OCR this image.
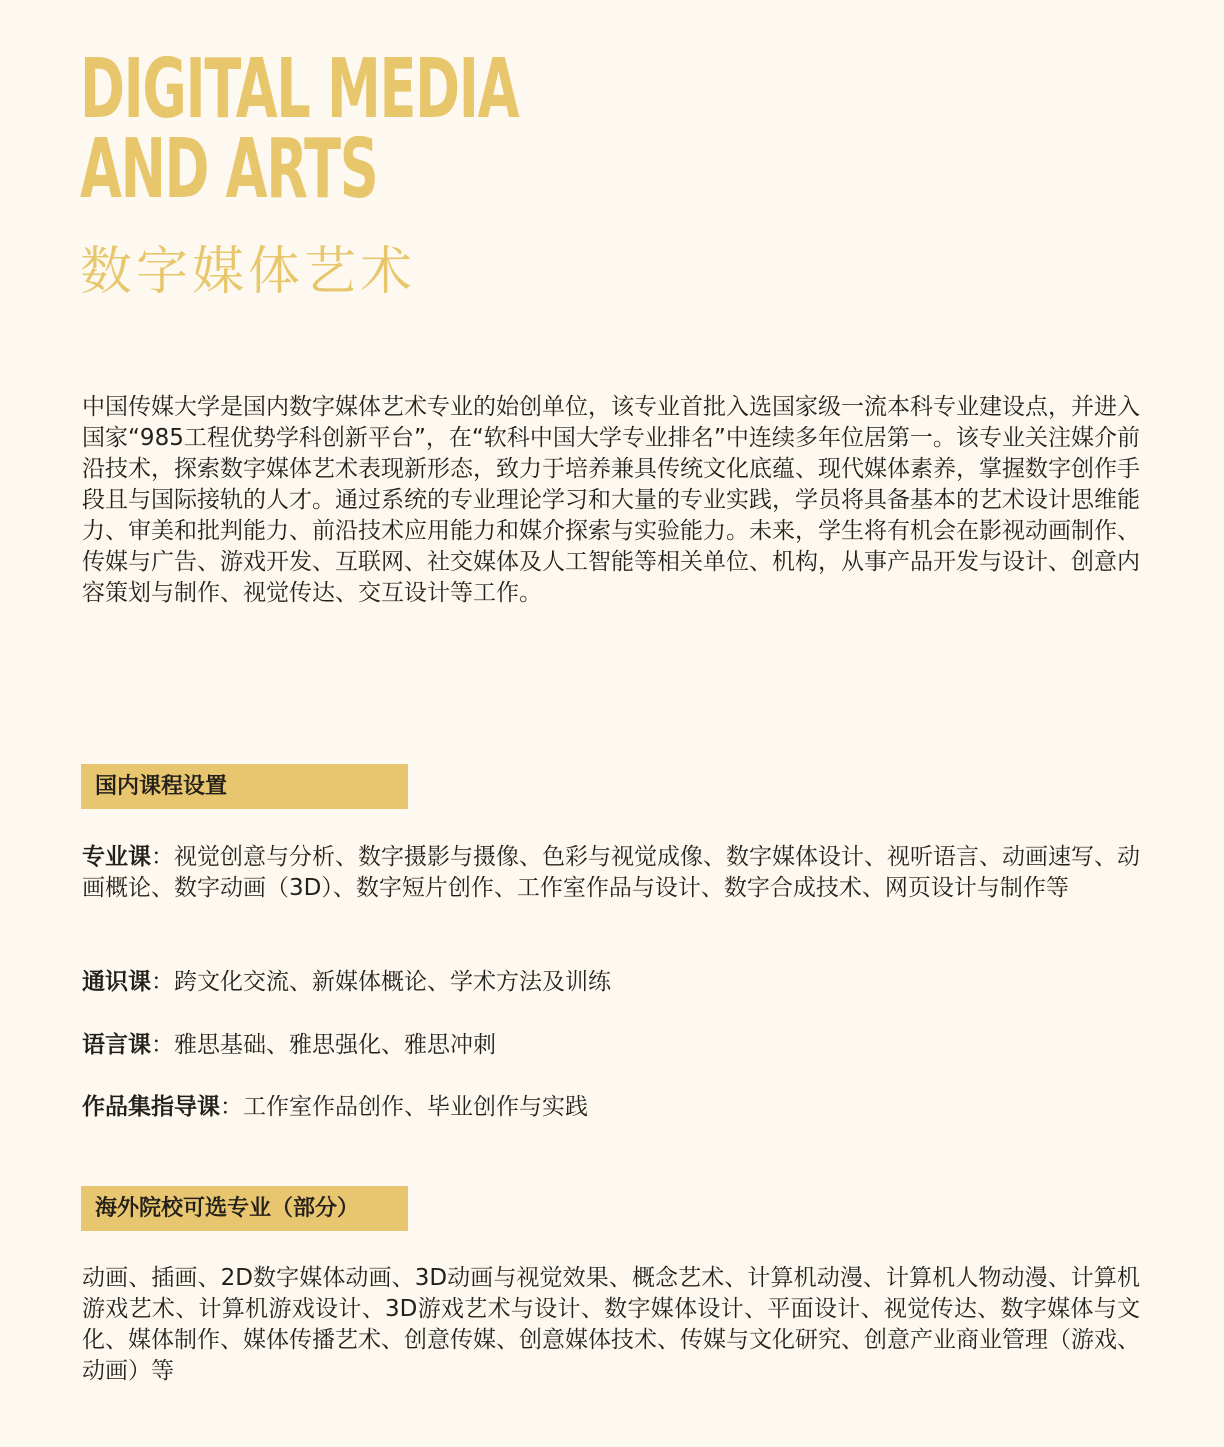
DIGITAL MEDIA
AND ARTS
数字媒体艺术

中国传媒大学是国内数字媒体艺术专业的始创单位，该专业首批入选国家级一流本科专业建设点，并进入国家“985工程优势学科创新平台”，在“软科中国大学专业排名”中连续多年位居第一。该专业关注媒介前沿技术，探索数字媒体艺术表现新形态，致力于培养兼具传统文化底蕴、现代媒体素养，掌握数字创作手段且与国际接轨的人才。通过系统的专业理论学习和大量的专业实践，学员将具备基本的艺术设计思维能力、审美和批判能力、前沿技术应用能力和媒介探索与实验能力。未来，学生将有机会在影视动画制作、传媒与广告、游戏开发、互联网、社交媒体及人工智能等相关单位、机构，从事产品开发与设计、创意内容策划与制作、视觉传达、交互设计等工作。

国内课程设置

专业课：视觉创意与分析、数字摄影与摄像、色彩与视觉成像、数字媒体设计、视听语言、动画速写、动画概论、数字动画（3D）、数字短片创作、工作室作品与设计、数字合成技术、网页设计与制作等

通识课：跨文化交流、新媒体概论、学术方法及训练

语言课：雅思基础、雅思强化、雅思冲刺

作品集指导课：工作室作品创作、毕业创作与实践

海外院校可选专业（部分）

动画、插画、2D数字媒体动画、3D动画与视觉效果、概念艺术、计算机动漫、计算机人物动漫、计算机游戏艺术、计算机游戏设计、3D游戏艺术与设计、数字媒体设计、平面设计、视觉传达、数字媒体与文化、媒体制作、媒体传播艺术、创意传媒、创意媒体技术、传媒与文化研究、创意产业商业管理（游戏、动画）等
